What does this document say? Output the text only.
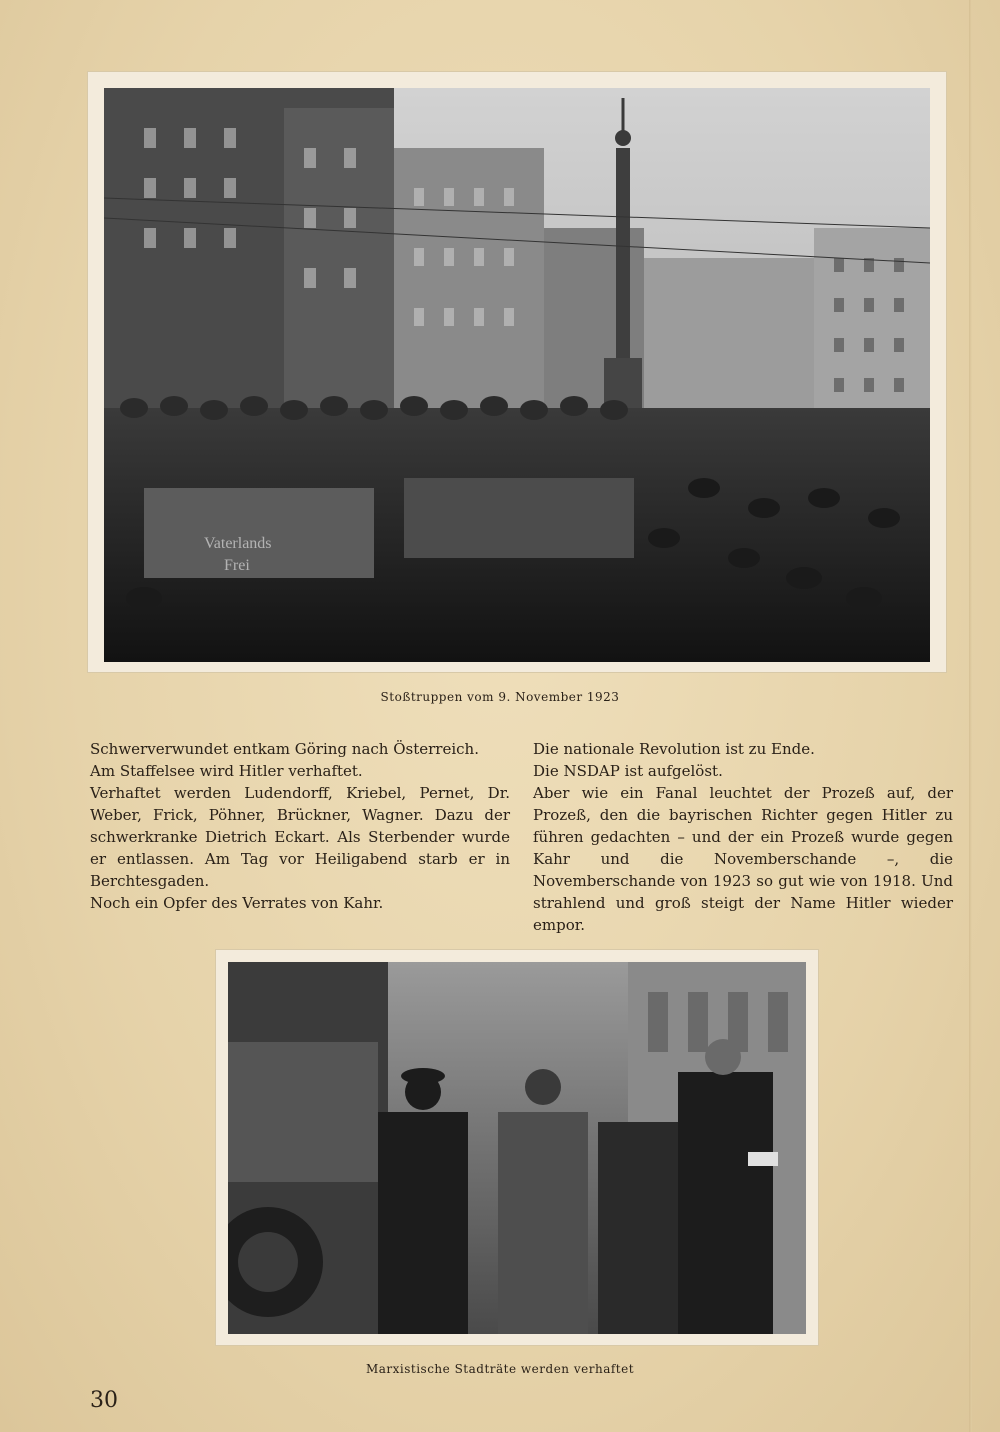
Vaterlands
Frei
Stoßtruppen vom 9. November 1923

Schwerverwundet entkam Göring nach Österreich.

Am Staffelsee wird Hitler verhaftet.

Verhaftet werden Ludendorff, Kriebel, Pernet, Dr. Weber, Frick, Pöhner, Brückner, Wagner. Dazu der schwerkranke Dietrich Eckart. Als Sterbender wurde er entlassen. Am Tag vor Heiligabend starb er in Berchtesgaden.

Noch ein Opfer des Verrates von Kahr.

Die nationale Revolution ist zu Ende.

Die NSDAP ist aufgelöst.

Aber wie ein Fanal leuchtet der Prozeß auf, der Prozeß, den die bayrischen Richter gegen Hitler zu führen gedachten – und der ein Prozeß wurde gegen Kahr und die Novemberschande –, die Novemberschande von 1923 so gut wie von 1918. Und strahlend und groß steigt der Name Hitler wieder empor.

Marxistische Stadträte werden verhaftet
30
